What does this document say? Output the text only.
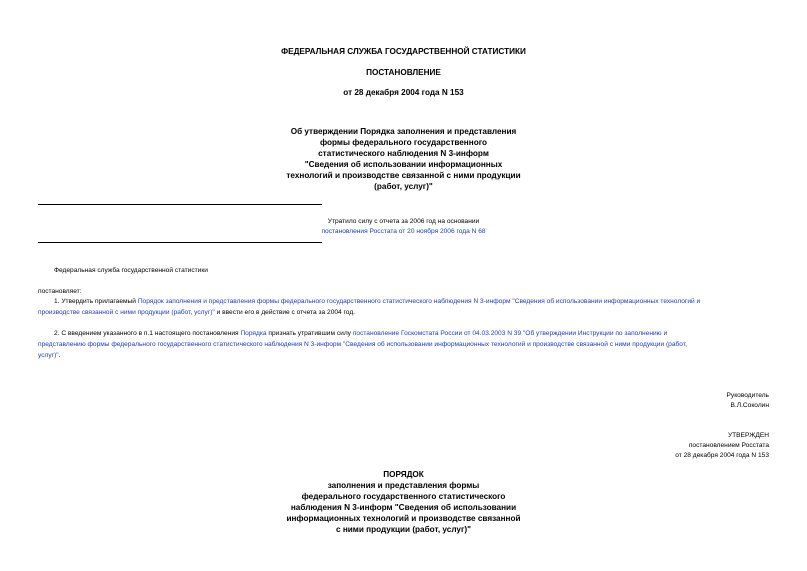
ФЕДЕРАЛЬНАЯ СЛУЖБА ГОСУДАРСТВЕННОЙ СТАТИСТИКИ
ПОСТАНОВЛЕНИЕ
от 28 декабря 2004 года N 153
Об утверждении Порядка заполнения и представления
формы федерального государственного
статистического наблюдения N 3-информ
"Сведения об использовании информационных
технологий и производстве связанной с ними продукции
(работ, услуг)"
Утратило силу с отчета за 2006 год на основании
постановления Росстата от 20 ноября 2006 года N 68
Федеральная служба государственной статистики
постановляет:
1. Утвердить прилагаемый Порядок заполнения и представления формы федерального государственного статистического наблюдения N 3-информ "Сведения об использовании информационных технологий и
производстве связанной с ними продукции (работ, услуг)" и ввести его в действие с отчета за 2004 год.
2. С введением указанного в п.1 настоящего постановления Порядка признать утратившим силу постановление Госкомстата России от 04.03.2003 N 39 "Об утверждении Инструкции по заполнению и
представлению формы федерального государственного статистического наблюдения N 3-информ "Сведения об использовании информационных технологий и производстве связанной с ними продукции (работ,
услуг)".
Руководитель
В.Л.Соколин
УТВЕРЖДЕН
постановлением Росстата
от 28 декабря 2004 года N 153
ПОРЯДОК
заполнения и представления формы
федерального государственного статистического
наблюдения N 3-информ "Сведения об использовании
информационных технологий и производстве связанной
с ними продукции (работ, услуг)"
